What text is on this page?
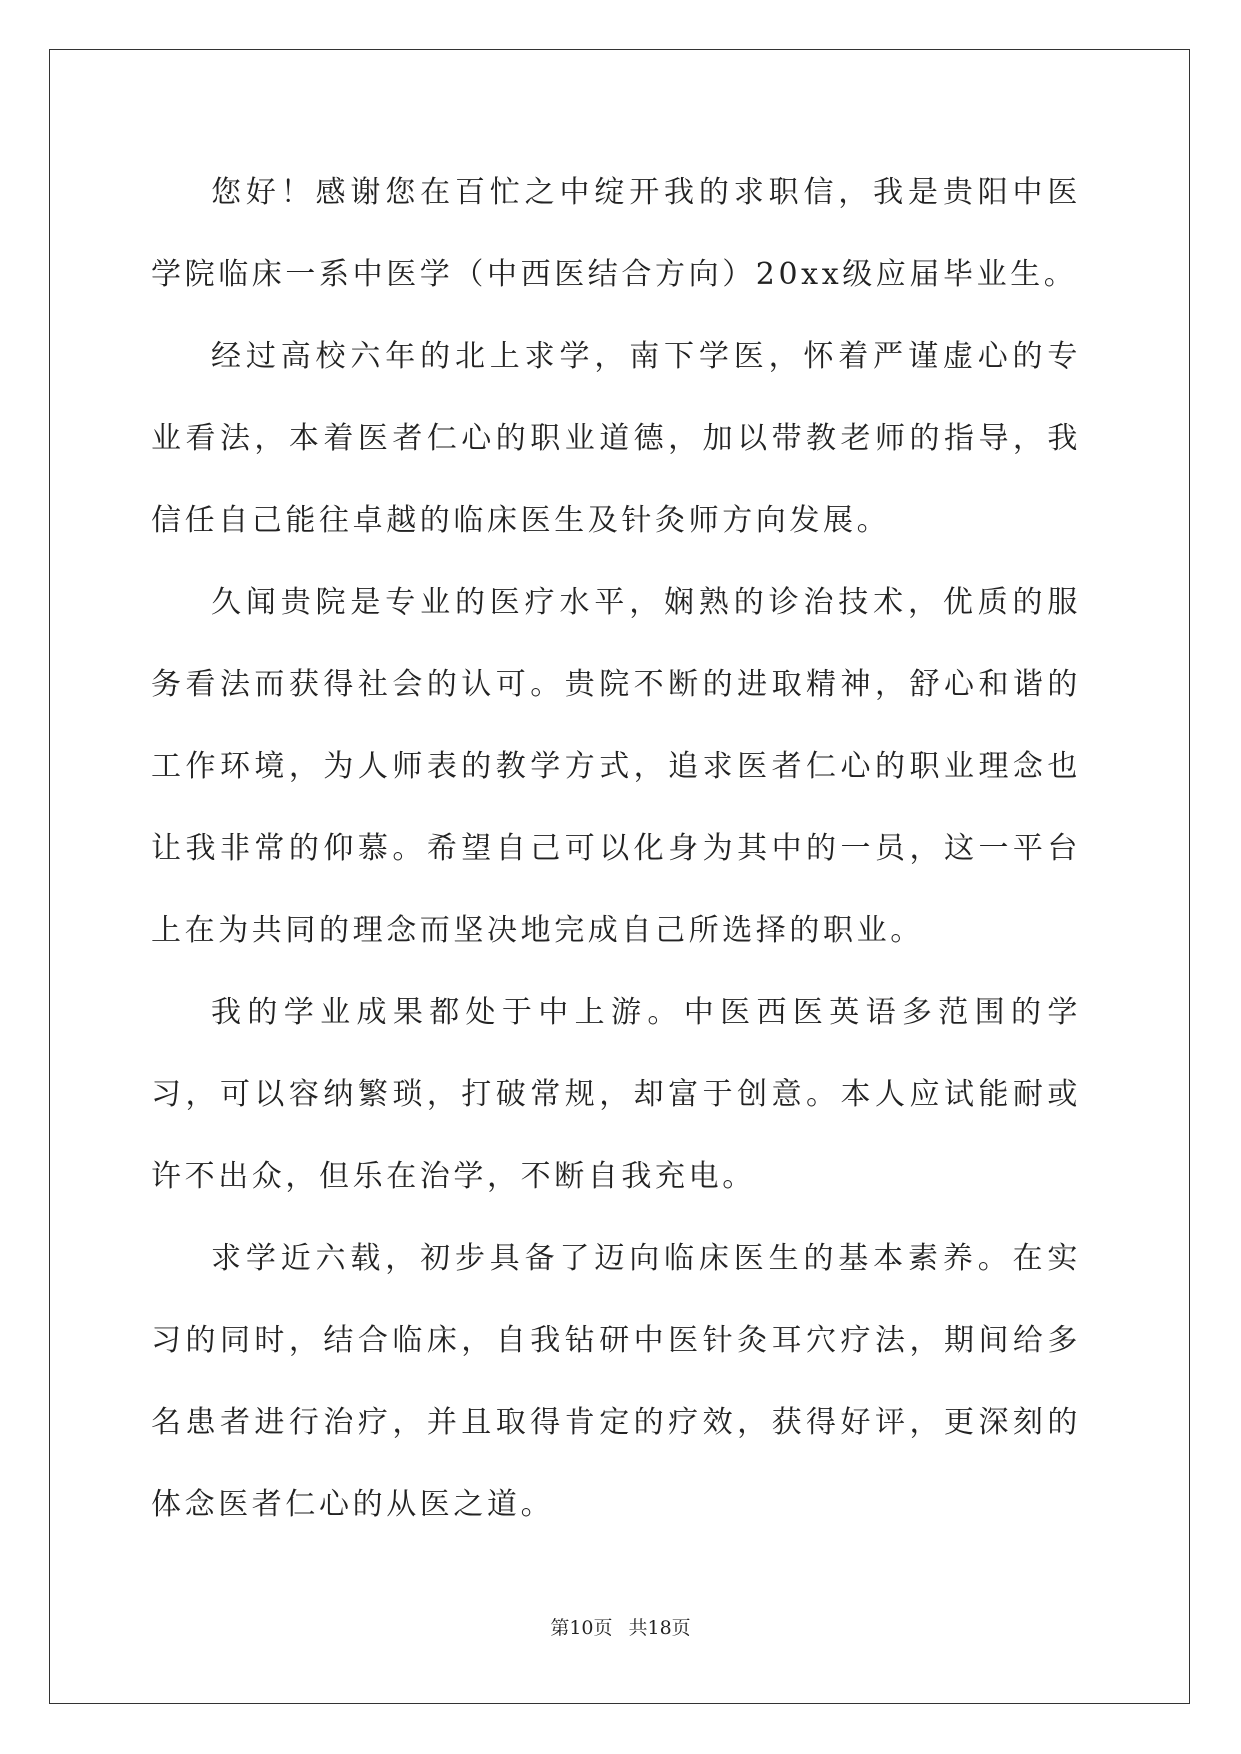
您好！感谢您在百忙之中绽开我的求职信，我是贵阳中医学院临床一系中医学（中西医结合方向）20xx级应届毕业生。

经过高校六年的北上求学，南下学医，怀着严谨虚心的专业看法，本着医者仁心的职业道德，加以带教老师的指导，我信任自己能往卓越的临床医生及针灸师方向发展。

久闻贵院是专业的医疗水平，娴熟的诊治技术，优质的服务看法而获得社会的认可。贵院不断的进取精神，舒心和谐的工作环境，为人师表的教学方式，追求医者仁心的职业理念也让我非常的仰慕。希望自己可以化身为其中的一员，这一平台上在为共同的理念而坚决地完成自己所选择的职业。

我的学业成果都处于中上游。中医西医英语多范围的学习，可以容纳繁琐，打破常规，却富于创意。本人应试能耐或许不出众，但乐在治学，不断自我充电。

求学近六载，初步具备了迈向临床医生的基本素养。在实习的同时，结合临床，自我钻研中医针灸耳穴疗法，期间给多名患者进行治疗，并且取得肯定的疗效，获得好评，更深刻的体念医者仁心的从医之道。

第10页 共18页
